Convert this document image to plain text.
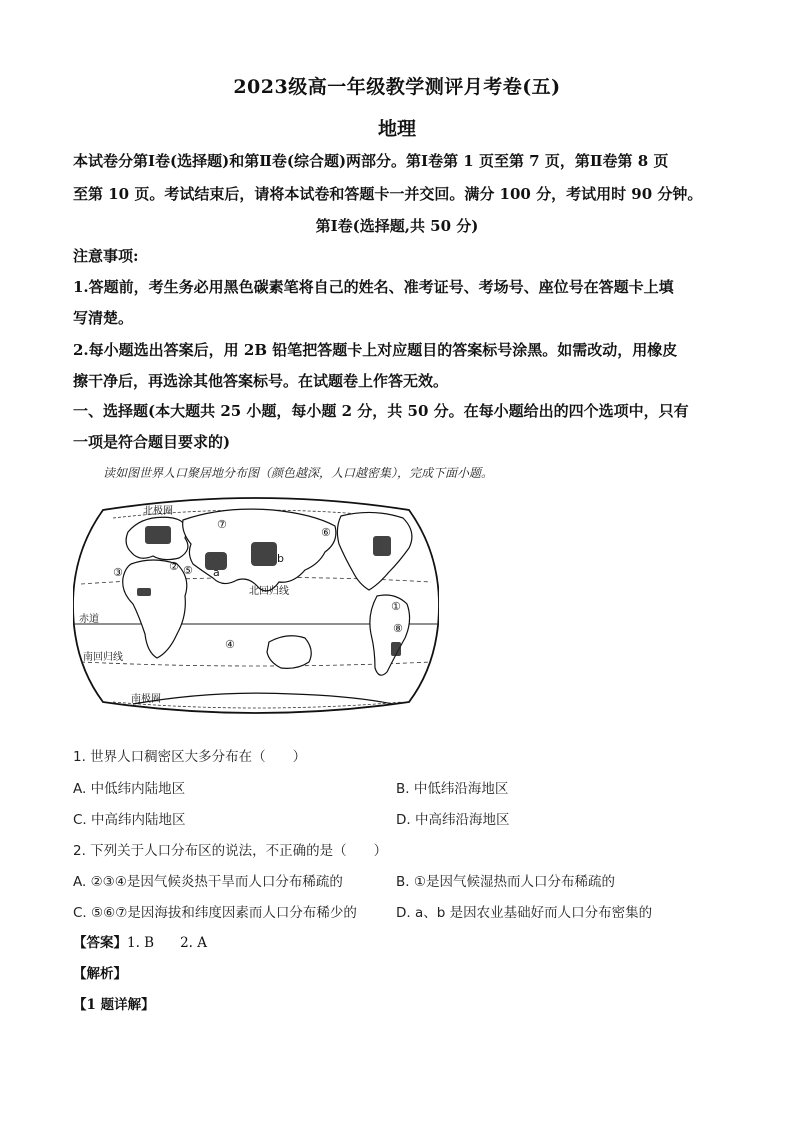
2023级高一年级教学测评月考卷(五)
地理
本试卷分第Ⅰ卷(选择题)和第Ⅱ卷(综合题)两部分。第Ⅰ卷第 1 页至第 7 页，第Ⅱ卷第 8 页
至第 10 页。考试结束后，请将本试卷和答题卡一并交回。满分 100 分，考试用时 90 分钟。
第Ⅰ卷(选择题,共 50 分)
注意事项:
1.答题前，考生务必用黑色碳素笔将自己的姓名、准考证号、考场号、座位号在答题卡上填
写清楚。
2.每小题选出答案后，用 2B 铅笔把答题卡上对应题目的答案标号涂黑。如需改动，用橡皮
擦干净后，再选涂其他答案标号。在试题卷上作答无效。
一、选择题(本大题共 25 小题，每小题 2 分，共 50 分。在每小题给出的四个选项中，只有
一项是符合题目要求的)
读如图世界人口聚居地分布图（颜色越深，人口越密集），完成下面小题。
北极圈
北回归线
赤道
南回归线
南极圈
①
②
③
④
⑤
⑥
⑦
⑧
a
b
1. 世界人口稠密区大多分布在（　　）
A. 中低纬内陆地区	B. 中低纬沿海地区
C. 中高纬内陆地区	D. 中高纬沿海地区
2. 下列关于人口分布区的说法，不正确的是（　　）
A. ②③④是因气候炎热干旱而人口分布稀疏的	B. ①是因气候湿热而人口分布稀疏的
C. ⑤⑥⑦是因海拔和纬度因素而人口分布稀少的	D. a、b 是因农业基础好而人口分布密集的
【答案】1. B 2. A
【解析】
【1 题详解】
